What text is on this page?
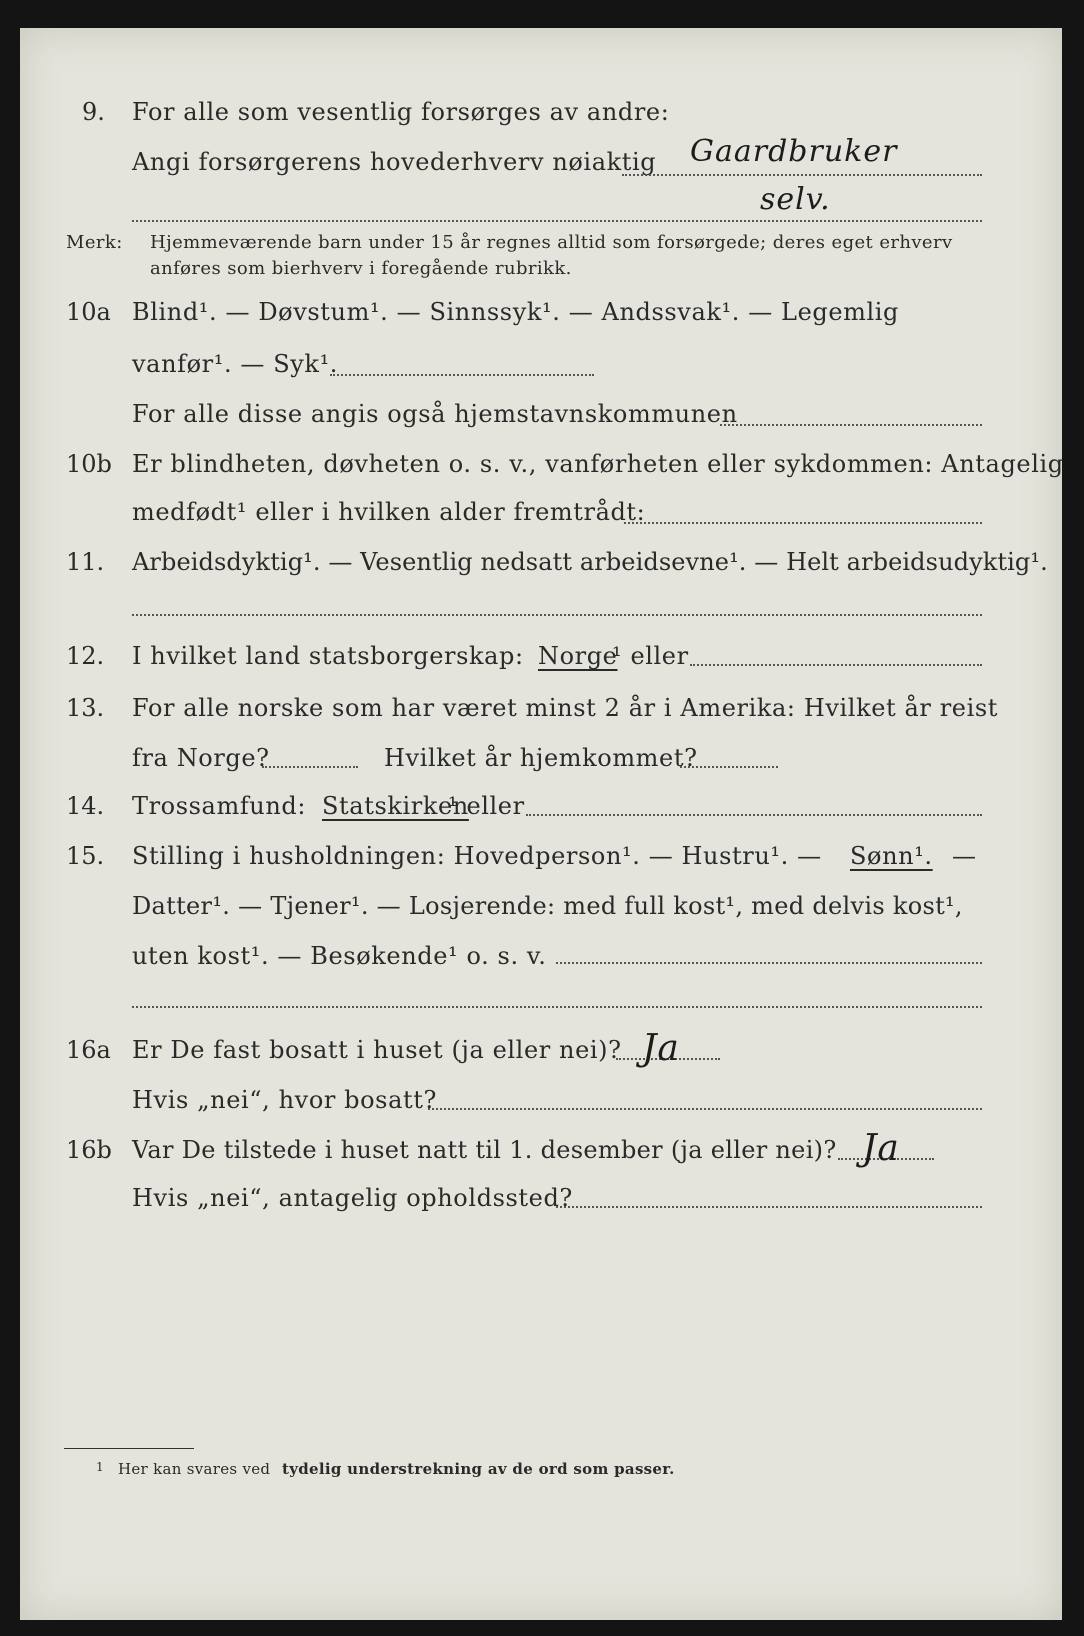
9. For alle som vesentlig forsørges av andre:
Angi forsørgerens hovederhverv nøiaktig Gaardbruker
selv.
Merk: Hjemmeværende barn under 15 år regnes alltid som forsørgede; deres eget erhverv
anføres som bierhverv i foregående rubrikk.
10a Blind¹. — Døvstum¹. — Sinnssyk¹. — Andssvak¹. — Legemlig
vanfør¹. — Syk¹.
For alle disse angis også hjemstavnskommunen
10b Er blindheten, døvheten o. s. v., vanførheten eller sykdommen: Antagelig
medfødt¹ eller i hvilken alder fremtrådt:
11. Arbeidsdyktig¹. — Vesentlig nedsatt arbeidsevne¹. — Helt arbeidsudyktig¹.
12. I hvilket land statsborgerskap: Norge
¹ eller
13. For alle norske som har været minst 2 år i Amerika: Hvilket år reist
fra Norge?	Hvilket år hjemkommet?
14. Trossamfund: Statskirken
¹ eller
15. Stilling i husholdningen: Hovedperson¹. — Hustru¹. — Sønn¹. —
Datter¹. — Tjener¹. — Losjerende: med full kost¹, med delvis kost¹,
uten kost¹. — Besøkende¹ o. s. v.
16a Er De fast bosatt i huset (ja eller nei)? Ja
Hvis „nei“, hvor bosatt?
16b Var De tilstede i huset natt til 1. desember (ja eller nei)? Ja
Hvis „nei“, antagelig opholdssted?
1 Her kan svares ved tydelig understrekning av de ord som passer.
